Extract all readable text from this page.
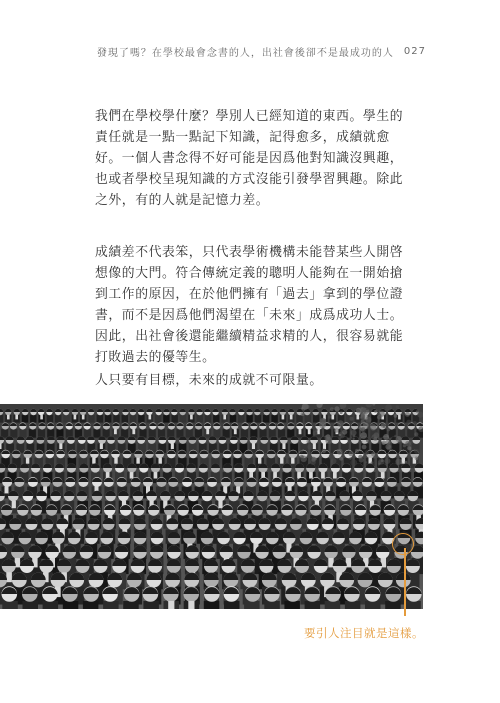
發現了嗎？在學校最會念書的人，出社會後卻不是最成功的人 027
我們在學校學什麼？學別人已經知道的東西。學生的責任就是一點一點記下知識，記得愈多，成績就愈好。一個人書念得不好可能是因爲他對知識沒興趣，也或者學校呈現知識的方式沒能引發學習興趣。除此之外，有的人就是記憶力差。
成績差不代表笨，只代表學術機構未能替某些人開啓想像的大門。符合傳統定義的聰明人能夠在一開始搶到工作的原因，在於他們擁有「過去」拿到的學位證書，而不是因爲他們渴望在「未來」成爲成功人士。因此，出社會後還能繼續精益求精的人，很容易就能打敗過去的優等生。
人只要有目標，未來的成就不可限量。
要引人注目就是這樣。
